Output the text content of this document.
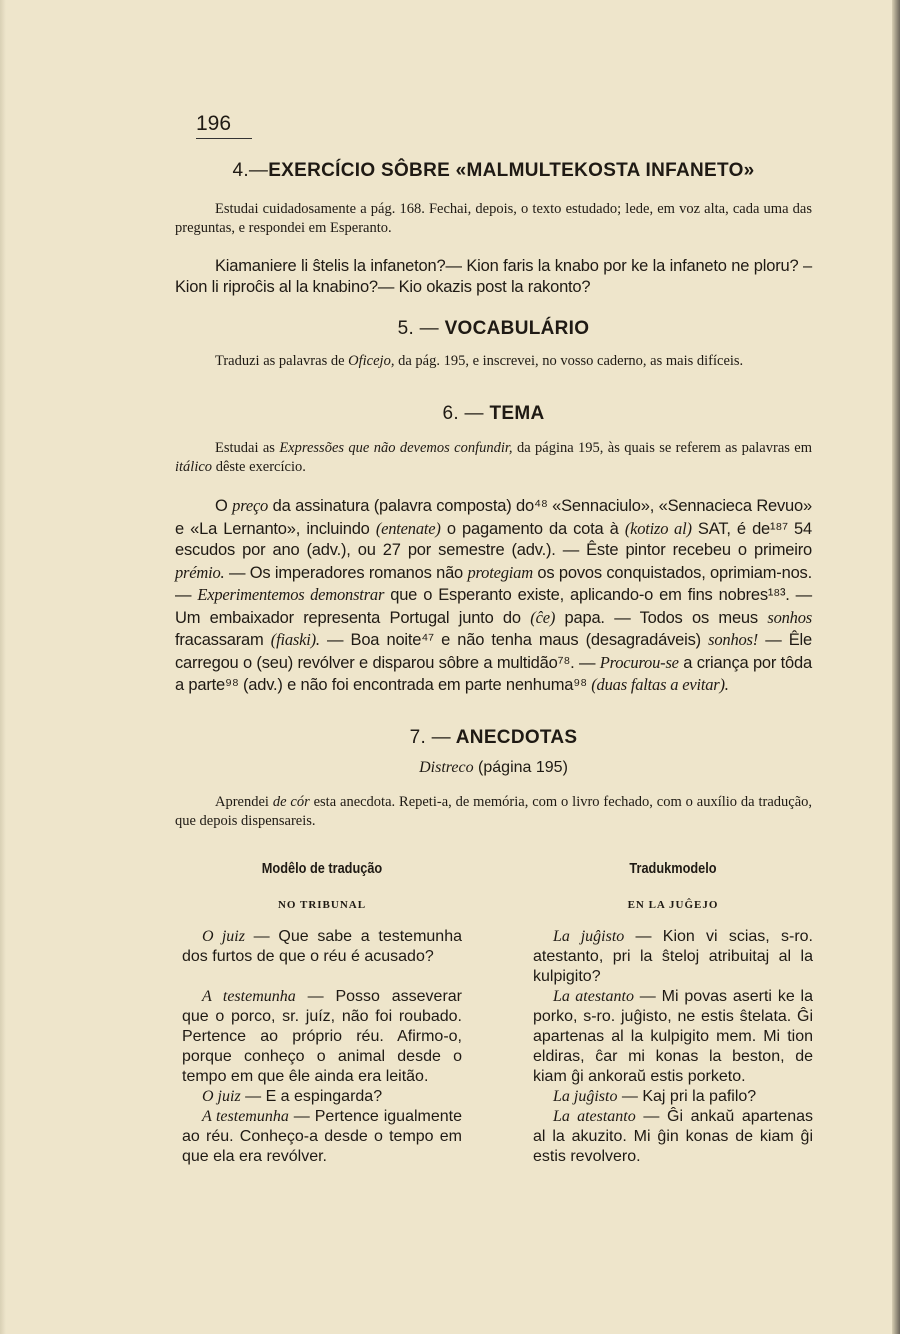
196
4.—EXERCÍCIO SÔBRE «MALMULTEKOSTA INFANETO»

Estudai cuidadosamente a pág. 168. Fechai, depois, o texto estudado; lede, em voz alta, cada uma das preguntas, e respondei em Esperanto.

Kiamaniere li ŝtelis la infaneton?— Kion faris la knabo por ke la infaneto ne ploru? – Kion li riproĉis al la knabino?— Kio okazis post la rakonto?

5. — VOCABULÁRIO

Traduzi as palavras de Oficejo, da pág. 195, e inscrevei, no vosso caderno, as mais difíceis.

6. — TEMA

Estudai as Expressões que não devemos confundir, da página 195, às quais se referem as palavras em itálico dêste exercício.

O preço da assinatura (palavra composta) do⁴⁸ «Sennaciulo», «Sennacieca Revuo» e «La Lernanto», incluindo (entenate) o pagamento da cota à (kotizo al) SAT, é de¹⁸⁷ 54 escudos por ano (adv.), ou 27 por semestre (adv.). — Êste pintor recebeu o primeiro prémio. — Os imperadores romanos não protegiam os povos conquistados, oprimiam-nos. — Experimentemos demonstrar que o Esperanto existe, aplicando-o em fins nobres¹⁸³. — Um embaixador representa Portugal junto do (ĉe) papa. — Todos os meus sonhos fracassaram (fiaski). — Boa noite⁴⁷ e não tenha maus (desagradáveis) sonhos! — Êle carregou o (seu) revólver e disparou sôbre a multidão⁷⁸. — Procurou-se a criança por tôda a parte⁹⁸ (adv.) e não foi encontrada em parte nenhuma⁹⁸ (duas faltas a evitar).

7. — ANECDOTAS
Distreco (página 195)

Aprendei de cór esta anecdota. Repeti-a, de memória, com o livro fechado, com o auxílio da tradução, que depois dispensareis.

Modêlo de tradução
NO TRIBUNAL

O juiz — Que sabe a testemunha dos furtos de que o réu é acusado?

A testemunha — Posso asseverar que o porco, sr. juíz, não foi roubado. Pertence ao próprio réu. Afirmo-o, porque conheço o animal desde o tempo em que êle ainda era leitão.

O juiz — E a espingarda?

A testemunha — Pertence igualmente ao réu. Conheço-a desde o tempo em que ela era revólver.

Tradukmodelo
EN LA JUĜEJO

La juĝisto — Kion vi scias, s-ro. atestanto, pri la ŝteloj atribuitaj al la kulpigito?

La atestanto — Mi povas aserti ke la porko, s-ro. juĝisto, ne estis ŝtelata. Ĝi apartenas al la kulpigito mem. Mi tion eldiras, ĉar mi konas la beston, de kiam ĝi ankoraŭ estis porketo.

La juĝisto — Kaj pri la pafilo?

La atestanto — Ĝi ankaŭ apartenas al la akuzito. Mi ĝin konas de kiam ĝi estis revolvero.
